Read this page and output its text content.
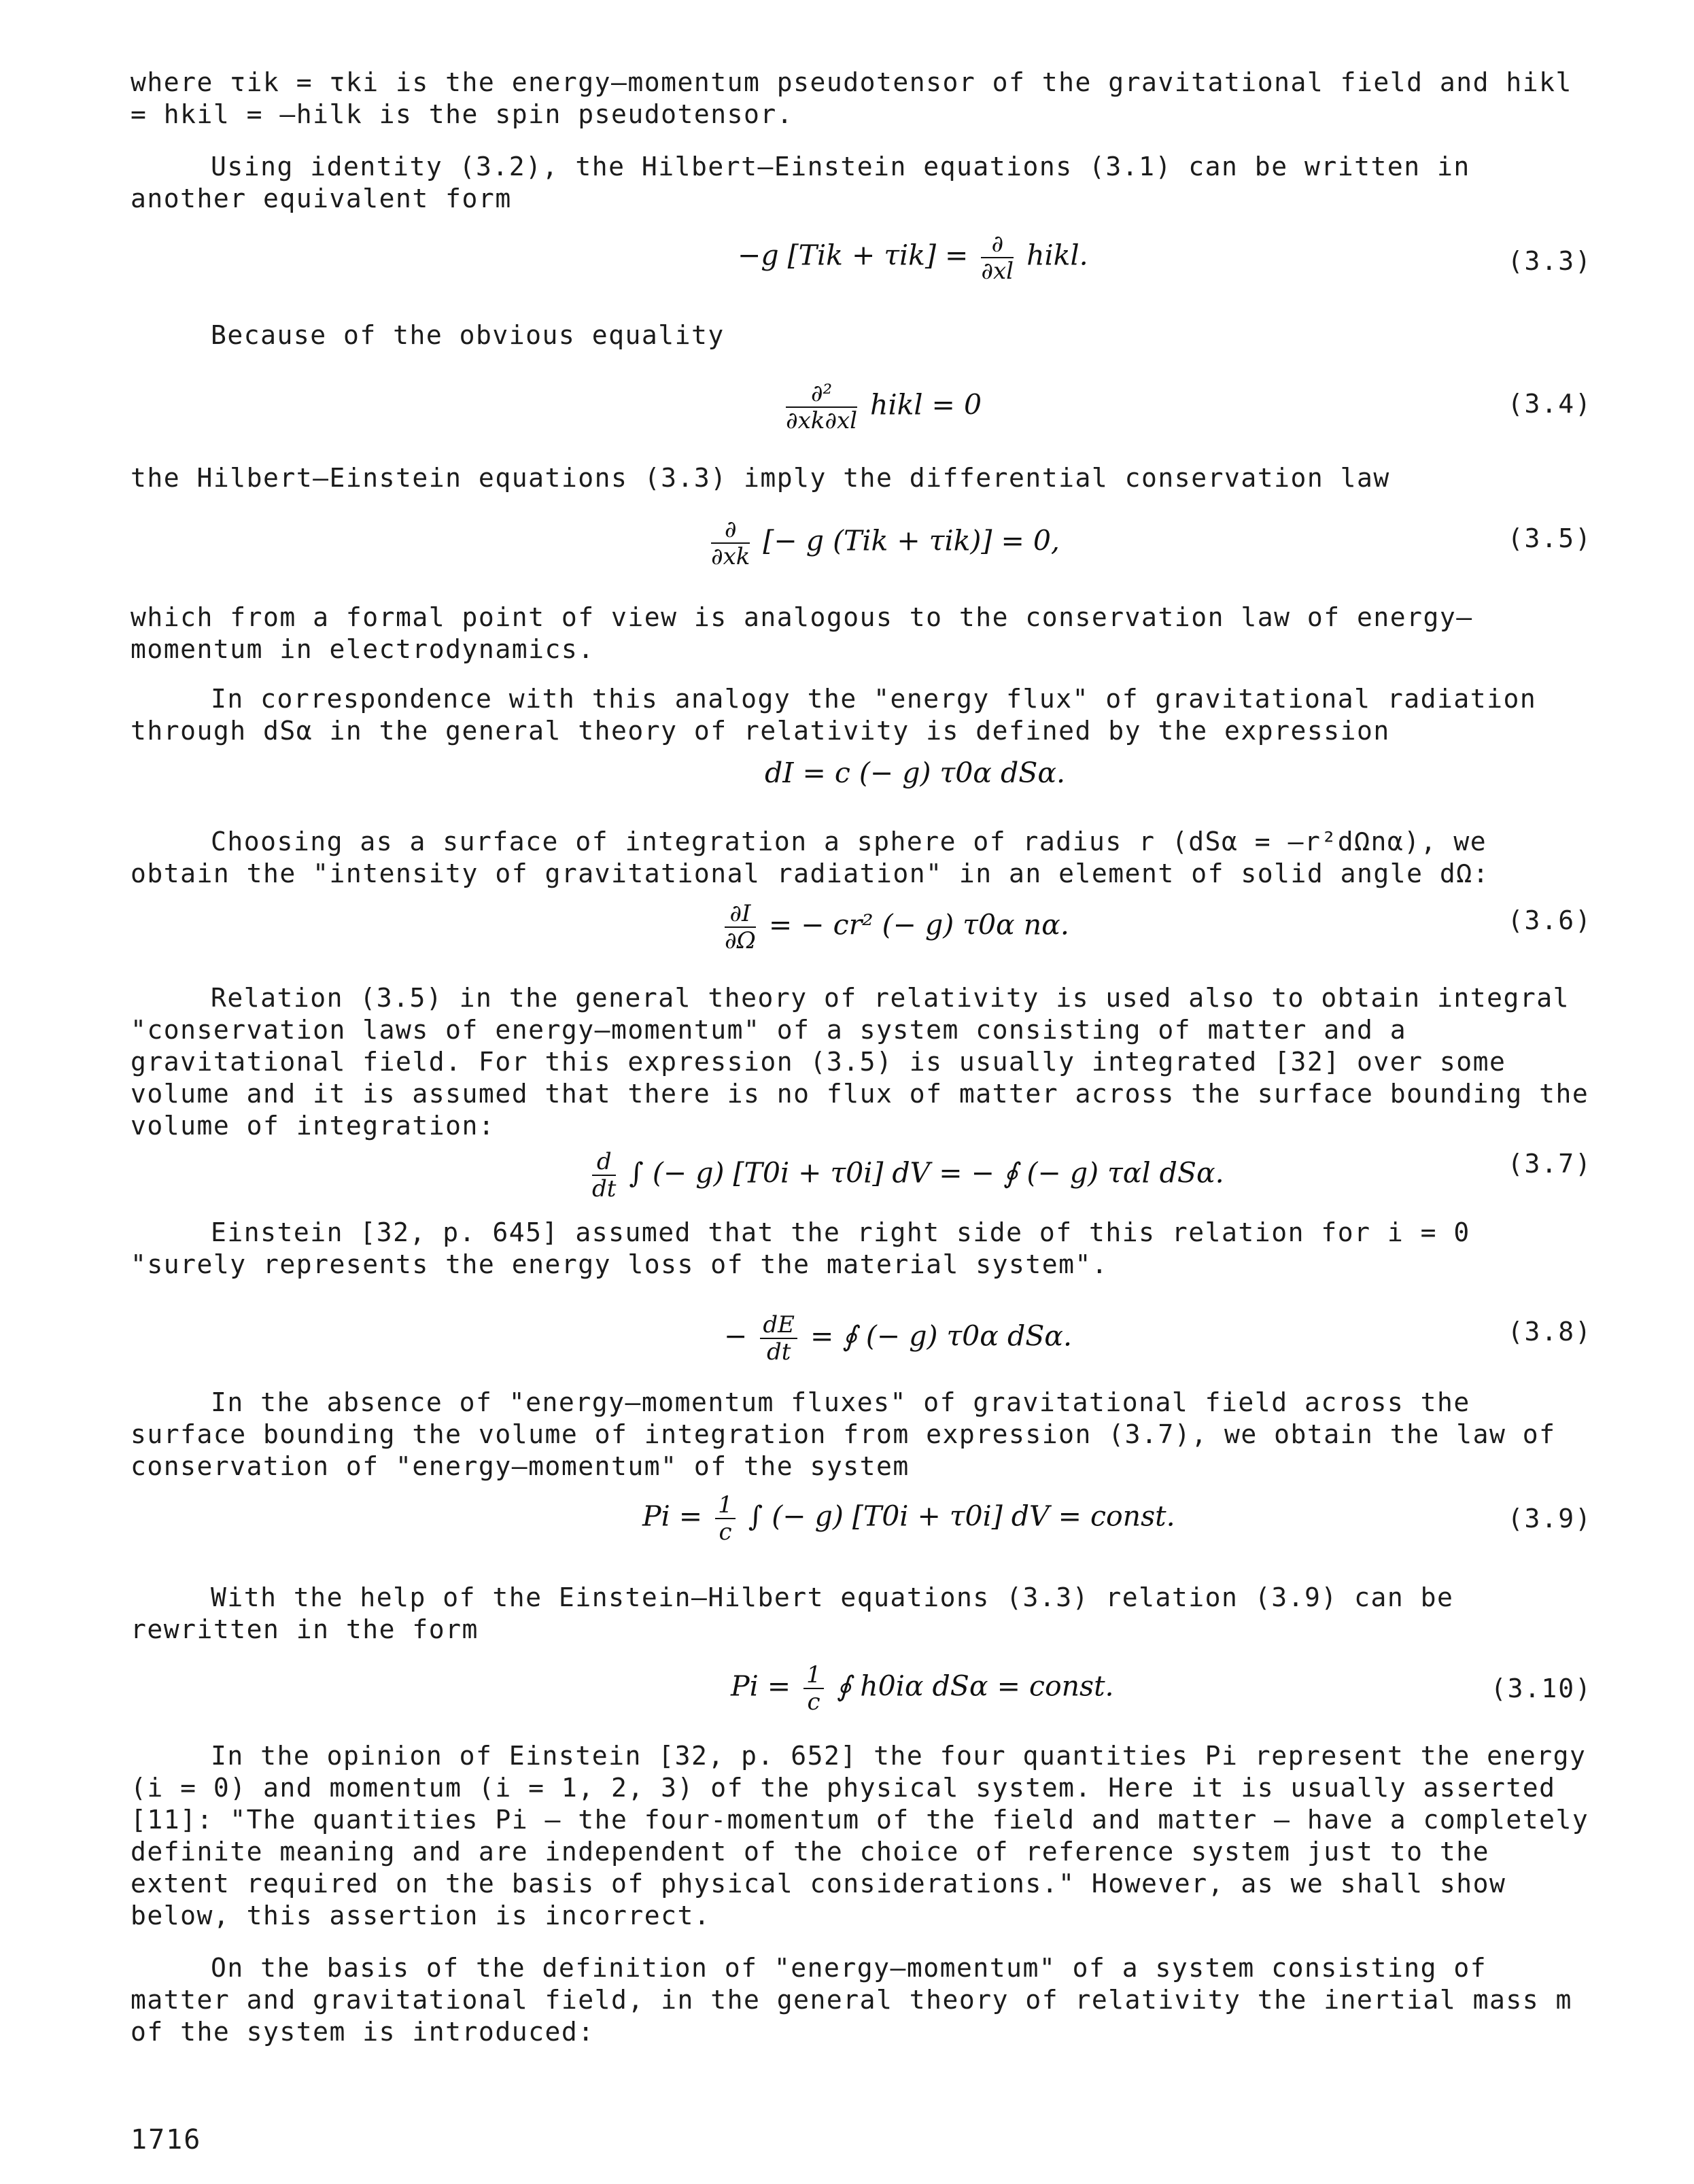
where τik = τki is the energy—momentum pseudotensor of the gravitational field and hikl = hkil = —hilk is the spin pseudotensor.

Using identity (3.2), the Hilbert—Einstein equations (3.1) can be written in another equivalent form

−g $[Tik + \tau ik] = \frac{\partial}{\partial xl}$ hikl.	(3.3)

Because of the obvious equality

$\frac{\text{∂²}}{\partial xk\partial xl}$ hikl = 0	(3.4)

the Hilbert—Einstein equations (3.3) imply the differential conservation law

$\frac{\partial}{\partial xk}$ [− g (Tik + τik)] = 0,	(3.5)

which from a formal point of view is analogous to the conservation law of energy—momentum in electrodynamics.

In correspondence with this analogy the "energy flux" of gravitational radiation through dSα in the general theory of relativity is defined by the expression

dI = c (− g) τ0α dSα.

Choosing as a surface of integration a sphere of radius r (dSα = —r²dΩnα), we obtain the "intensity of gravitational radiation" in an element of solid angle dΩ:

$\frac{\partial I}{\partial\Omega}$ = − cr² (− g) τ0α nα.	(3.6)

Relation (3.5) in the general theory of relativity is used also to obtain integral "conservation laws of energy—momentum" of a system consisting of matter and a gravitational field. For this expression (3.5) is usually integrated [32] over some volume and it is assumed that there is no flux of matter across the surface bounding the volume of integration:

$\frac{d}{dt}$ ∫ (− g) [T0i + τ0i] dV = − ∮ (− g) ταl dSα.	(3.7)

Einstein [32, p. 645] assumed that the right side of this relation for i = 0 "surely represents the energy loss of the material system".

− $\frac{dE}{dt}$ = ∮ (− g) τ0α dSα.	(3.8)

In the absence of "energy—momentum fluxes" of gravitational field across the surface bounding the volume of integration from expression (3.7), we obtain the law of conservation of "energy—momentum" of the system

$Pi = \frac{1}{c}$ ∫ (− g) [T0i + τ0i] dV = const.	(3.9)

With the help of the Einstein—Hilbert equations (3.3) relation (3.9) can be rewritten in the form

$Pi = \frac{1}{c}$ ∮ h0iα dSα = const.	(3.10)

In the opinion of Einstein [32, p. 652] the four quantities Pi represent the energy (i = 0) and momentum (i = 1, 2, 3) of the physical system. Here it is usually asserted [11]: "The quantities Pi — the four-momentum of the field and matter — have a completely definite meaning and are independent of the choice of reference system just to the extent required on the basis of physical considerations." However, as we shall show below, this assertion is incorrect.

On the basis of the definition of "energy—momentum" of a system consisting of matter and gravitational field, in the general theory of relativity the inertial mass m of the system is introduced:

1716
